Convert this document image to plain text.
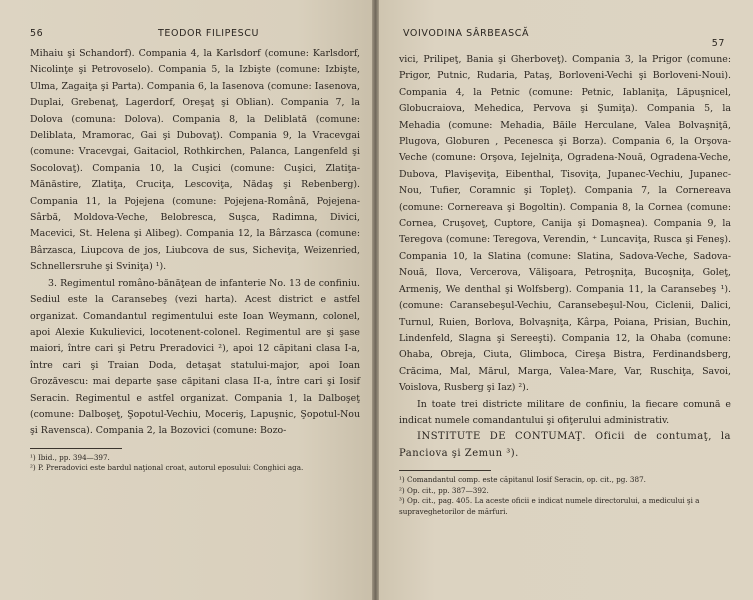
56	TEODOR FILIPESCU

Mihaiu şi Schandorf). Compania 4, la Karlsdorf (comune: Karlsdorf, Nicolinţe şi Petrovoselo). Compania 5, la Izbişte (comune: Izbişte, Ulma, Zagaiţa şi Parta). Compania 6, la Iasenova (comune: Iasenova, Duplai, Grebenaţ, Lagerdorf, Oreşaţ şi Oblian). Compania 7, la Dolova (comuna: Dolova). Compania 8, la Deliblată (comune: Deliblata, Mramorac, Gai şi Dubovaţ). Compania 9, la Vracevgai (comune: Vracevgai, Gaitaciol, Rothkirchen, Palanca, Langenfeld şi Socolovaţ). Compania 10, la Cuşici (comune: Cuşici, Zlatiţa-Mănăstire, Zlatiţa, Cruciţa, Lescoviţa, Nădaş şi Rebenberg). Compania 11, la Pojejena (comune: Pojejena-Română, Pojejena-Sârbă, Moldova-Veche, Belobresca, Suşca, Radimna, Divici, Macevici, St. Helena şi Alibeg). Compania 12, la Bârzasca (comune: Bârzasca, Liupcova de jos, Liubcova de sus, Sicheviţa, Weizenried, Schnellersruhe şi Sviniţa) ¹).

3. Regimentul româno-bănăţean de infanterie No. 13 de confiniu. Sediul este la Caransebeş (vezi harta). Acest district e astfel organizat. Comandantul regimentului este Ioan Weymann, colonel, apoi Alexie Kukulievici, locotenent-colonel. Regimentul are şi şase maiori, între cari şi Petru Preradovici ²), apoi 12 căpitani clasa I-a, între cari şi Traian Doda, detaşat statului-major, apoi Ioan Grozăvescu: mai departe şase căpitani clasa II-a, între cari şi Iosif Seracin. Regimentul e astfel organizat. Compania 1, la Dalboşeţ (comune: Dalboşeţ, Şopotul-Vechiu, Moceriş, Lapuşnic, Şopotul-Nou şi Ravensca). Compania 2, la Bozovici (comune: Bozo-

¹) Ibid., pp. 394—397.

²) P. Preradovici este bardul naţional croat, autorul eposului: Conghici aga.

VOIVODINA SÂRBEASCĂ
57

vici, Prilipeţ, Bania şi Gherboveţ). Compania 3, la Prigor (comune: Prigor, Putnic, Rudaria, Pataş, Borloveni-Vechi şi Borloveni-Noui). Compania 4, la Petnic (comune: Petnic, Iablaniţa, Lăpuşnicel, Globucraiova, Mehedica, Pervova şi Şumiţa). Compania 5, la Mehadia (comune: Mehadia, Băile Herculane, Valea Bolvaşniţă, Plugova, Globuren , Pecenesca şi Borza). Compania 6, la Orşova-Veche (comune: Orşova, Iejelniţa, Ogradena-Nouă, Ogradena-Veche, Dubova, Plavişeviţa, Eibenthal, Tisoviţa, Jupanec-Vechiu, Jupanec-Nou, Tufier, Coramnic şi Topleţ). Compania 7, la Cornereava (comune: Cornereava şi Bogoltin). Compania 8, la Cornea (comune: Cornea, Cruşoveţ, Cuptore, Canija şi Domaşnea). Compania 9, la Teregova (comune: Teregova, Verendin, ⁺ Luncaviţa, Rusca şi Feneş). Compania 10, la Slatina (comune: Slatina, Sadova-Veche, Sadova-Nouă, Ilova, Vercerova, Vălişoara, Petroşniţa, Bucoşniţa, Goleţ, Armeniş, We denthal şi Wolfsberg). Compania 11, la Caransebeş ¹). (comune: Caransebeşul-Vechiu, Caransebeşul-Nou, Ciclenii, Dalici, Turnul, Ruien, Borlova, Bolvaşniţa, Kârpa, Poiana, Prisian, Buchin, Lindenfeld, Slagna şi Sereeşti). Compania 12, la Ohaba (comune: Ohaba, Obreja, Ciuta, Glimboca, Cireşa Bistra, Ferdinandsberg, Crăcima, Mal, Mărul, Marga, Valea-Mare, Var, Ruschiţa, Savoi, Voislova, Rusberg şi Iaz) ²).

In toate trei districte militare de confiniu, la fiecare comună e indicat numele comandantului şi ofiţerului administrativ.

INSTITUTE DE CONTUMAŢ. Oficii de contumaţ, la Panciova şi Zemun ³).

¹) Comandantul comp. este căpitanul Iosif Seracin, op. cit., pg. 387.

²) Op. cit., pp. 387—392.

³) Op. cit., pag. 405. La aceste oficii e indicat numele directorului, a medicului şi a supraveghetorilor de mărfuri.
